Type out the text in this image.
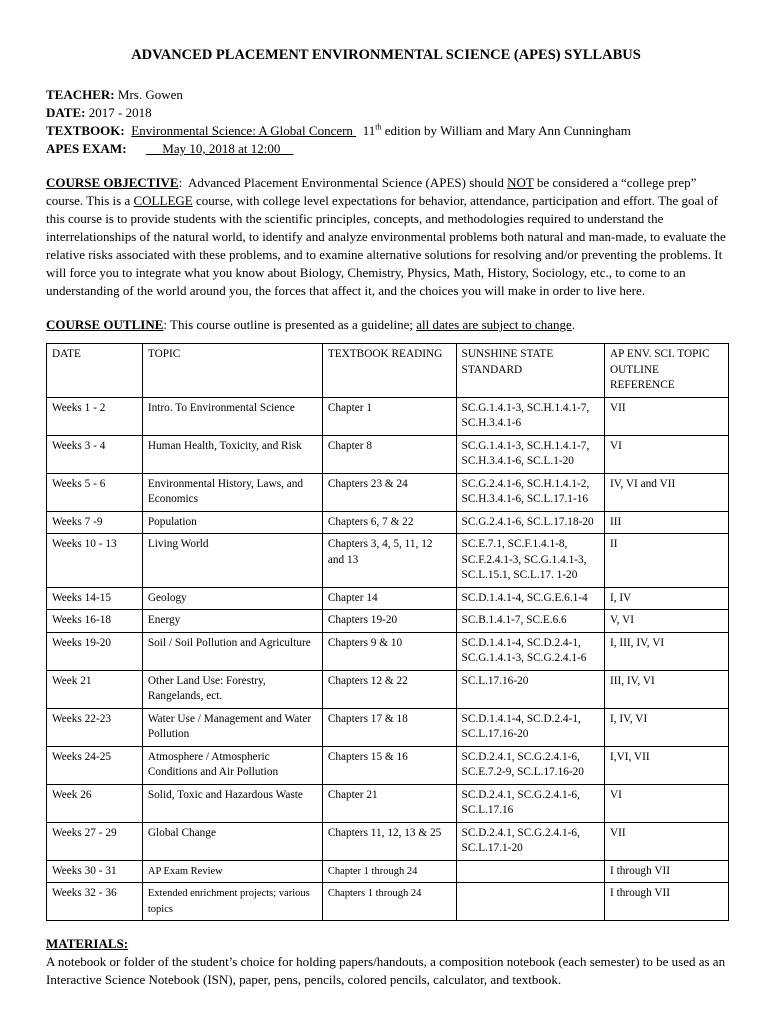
ADVANCED PLACEMENT ENVIRONMENTAL SCIENCE (APES) SYLLABUS
TEACHER: Mrs. Gowen
DATE: 2017 - 2018
TEXTBOOK: Environmental Science: A Global Concern 11th edition by William and Mary Ann Cunningham
APES EXAM:	May 10, 2018 at 12:00

COURSE OBJECTIVE:  Advanced Placement Environmental Science (APES) should NOT be considered a “college prep” course. This is a COLLEGE course, with college level expectations for behavior, attendance, participation and effort. The goal of this course is to provide students with the scientific principles, concepts, and methodologies required to understand the interrelationships of the natural world, to identify and analyze environmental problems both natural and man-made, to evaluate the relative risks associated with these problems, and to examine alternative solutions for resolving and/or preventing the problems. It will force you to integrate what you know about Biology, Chemistry, Physics, Math, History, Sociology, etc., to come to an understanding of the world around you, the forces that affect it, and the choices you will make in order to live here.

COURSE OUTLINE: This course outline is presented as a guideline; all dates are subject to change.

DATE	TOPIC	TEXTBOOK READING	SUNSHINE STATE STANDARD	AP ENV. SCI. TOPIC OUTLINE REFERENCE
Weeks 1 - 2	Intro. To Environmental Science	Chapter 1	SC.G.1.4.1-3, SC.H.1.4.1-7, SC.H.3.4.1-6	VII
Weeks 3 - 4	Human Health, Toxicity, and Risk	Chapter 8	SC.G.1.4.1-3, SC.H.1.4.1-7, SC.H.3.4.1-6, SC.L.1-20	VI
Weeks 5 - 6	Environmental History, Laws, and Economics	Chapters 23 & 24	SC.G.2.4.1-6, SC.H.1.4.1-2, SC.H.3.4.1-6, SC.L.17.1-16	IV, VI and VII
Weeks 7 -9	Population	Chapters 6, 7 & 22	SC.G.2.4.1-6, SC.L.17.18-20	III
Weeks 10 - 13	Living World	Chapters 3, 4, 5, 11, 12 and 13	SC.E.7.1, SC.F.1.4.1-8, SC.F.2.4.1-3, SC.G.1.4.1-3, SC.L.15.1, SC.L.17. 1-20	II
Weeks 14-15	Geology	Chapter 14	SC.D.1.4.1-4, SC.G.E.6.1-4	I, IV
Weeks 16-18	Energy	Chapters 19-20	SC.B.1.4.1-7, SC.E.6.6	V, VI
Weeks 19-20	Soil / Soil Pollution and Agriculture	Chapters 9 & 10	SC.D.1.4.1-4, SC.D.2.4-1, SC.G.1.4.1-3, SC.G.2.4.1-6	I, III, IV, VI
Week 21	Other Land Use: Forestry, Rangelands, ect.	Chapters 12 & 22	SC.L.17.16-20	III, IV, VI
Weeks 22-23	Water Use / Management and Water Pollution	Chapters 17 & 18	SC.D.1.4.1-4, SC.D.2.4-1, SC.L.17.16-20	I, IV, VI
Weeks 24-25	Atmosphere / Atmospheric Conditions and Air Pollution	Chapters 15 & 16	SC.D.2.4.1, SC.G.2.4.1-6, SC.E.7.2-9, SC.L.17.16-20	I,VI, VII
Week 26	Solid, Toxic and Hazardous Waste	Chapter 21	SC.D.2.4.1, SC.G.2.4.1-6, SC.L.17.16	VI
Weeks 27 - 29	Global Change	Chapters 11, 12, 13 & 25	SC.D.2.4.1, SC.G.2.4.1-6, SC.L.17.1-20	VII
Weeks 30 - 31	AP Exam Review	Chapter 1 through 24		I through VII
Weeks 32 - 36	Extended enrichment projects; various topics	Chapters 1 through 24		I through VII
MATERIALS:
A notebook or folder of the student’s choice for holding papers/handouts, a composition notebook (each semester) to be used as an Interactive Science Notebook (ISN), paper, pens, pencils, colored pencils, calculator, and textbook.
